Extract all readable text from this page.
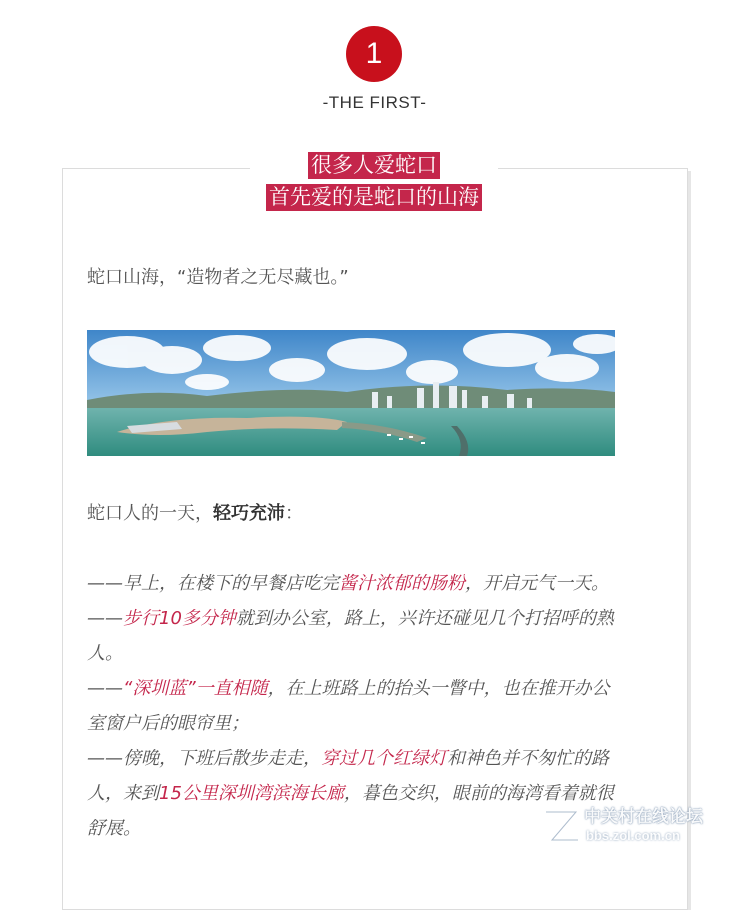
1
-THE FIRST-
很多人爱蛇口
首先爱的是蛇口的山海
蛇口山海，“造物者之无尽藏也。”
蛇口人的一天，轻巧充沛：

——早上，在楼下的早餐店吃完酱汁浓郁的肠粉，开启元气一天。

——步行10多分钟就到办公室，路上，兴许还碰见几个打招呼的熟
人。

——“深圳蓝”一直相随，在上班路上的抬头一瞥中，也在推开办公
室窗户后的眼帘里；

——傍晚，下班后散步走走，穿过几个红绿灯和神色并不匆忙的路
人，来到15公里深圳湾滨海长廊，暮色交织，眼前的海湾看着就很
舒展。

中关村在线论坛
bbs.zol.com.cn
